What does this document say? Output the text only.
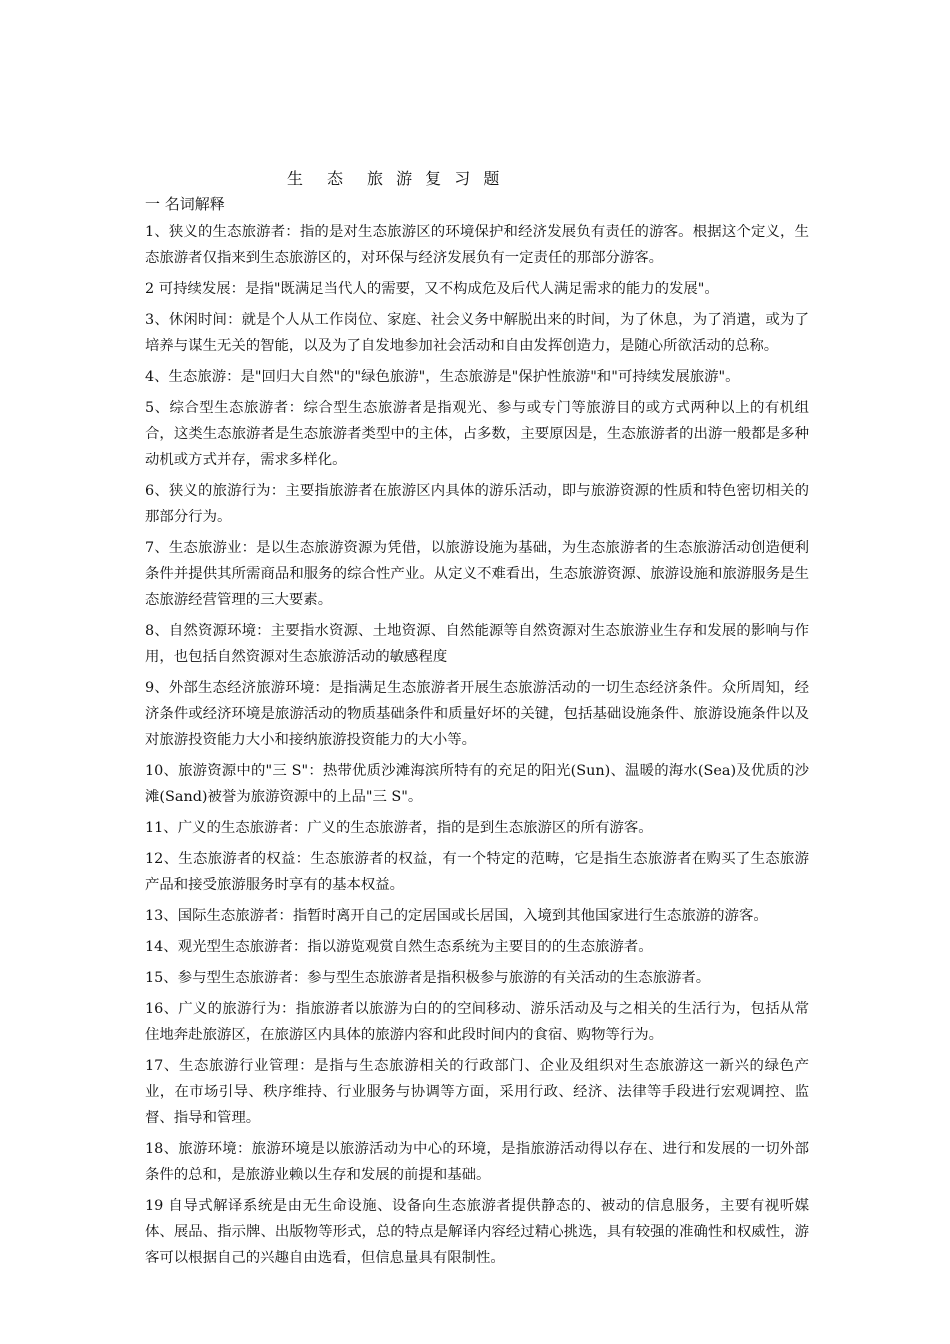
生　态　旅 游 复 习 题
一 名词解释

1、狭义的生态旅游者：指的是对生态旅游区的环境保护和经济发展负有责任的游客。根据这个定义，生态旅游者仅指来到生态旅游区的，对环保与经济发展负有一定责任的那部分游客。

2 可持续发展：是指"既满足当代人的需要，又不构成危及后代人满足需求的能力的发展"。

3、休闲时间：就是个人从工作岗位、家庭、社会义务中解脱出来的时间，为了休息，为了消遣，或为了培养与谋生无关的智能，以及为了自发地参加社会活动和自由发挥创造力，是随心所欲活动的总称。

4、生态旅游：是"回归大自然"的"绿色旅游"，生态旅游是"保护性旅游"和"可持续发展旅游"。

5、综合型生态旅游者：综合型生态旅游者是指观光、参与或专门等旅游目的或方式两种以上的有机组合，这类生态旅游者是生态旅游者类型中的主体，占多数，主要原因是，生态旅游者的出游一般都是多种动机或方式并存，需求多样化。

6、狭义的旅游行为：主要指旅游者在旅游区内具体的游乐活动，即与旅游资源的性质和特色密切相关的那部分行为。

7、生态旅游业：是以生态旅游资源为凭借，以旅游设施为基础，为生态旅游者的生态旅游活动创造便利条件并提供其所需商品和服务的综合性产业。从定义不难看出，生态旅游资源、旅游设施和旅游服务是生态旅游经营管理的三大要素。

8、自然资源环境：主要指水资源、土地资源、自然能源等自然资源对生态旅游业生存和发展的影响与作用，也包括自然资源对生态旅游活动的敏感程度

9、外部生态经济旅游环境：是指满足生态旅游者开展生态旅游活动的一切生态经济条件。众所周知，经济条件或经济环境是旅游活动的物质基础条件和质量好坏的关键，包括基础设施条件、旅游设施条件以及对旅游投资能力大小和接纳旅游投资能力的大小等。

10、旅游资源中的"三 S"：热带优质沙滩海滨所特有的充足的阳光(Sun)、温暖的海水(Sea)及优质的沙滩(Sand)被誉为旅游资源中的上品"三 S"。

11、广义的生态旅游者：广义的生态旅游者，指的是到生态旅游区的所有游客。

12、生态旅游者的权益：生态旅游者的权益，有一个特定的范畴，它是指生态旅游者在购买了生态旅游产品和接受旅游服务时享有的基本权益。

13、国际生态旅游者：指暂时离开自己的定居国或长居国，入境到其他国家进行生态旅游的游客。

14、观光型生态旅游者：指以游览观赏自然生态系统为主要目的的生态旅游者。

15、参与型生态旅游者：参与型生态旅游者是指积极参与旅游的有关活动的生态旅游者。

16、广义的旅游行为：指旅游者以旅游为白的的空间移动、游乐活动及与之相关的生活行为，包括从常住地奔赴旅游区，在旅游区内具体的旅游内容和此段时间内的食宿、购物等行为。

17、生态旅游行业管理：是指与生态旅游相关的行政部门、企业及组织对生态旅游这一新兴的绿色产业，在市场引导、秩序维持、行业服务与协调等方面，采用行政、经济、法律等手段进行宏观调控、监督、指导和管理。

18、旅游环境：旅游环境是以旅游活动为中心的环境，是指旅游活动得以存在、进行和发展的一切外部条件的总和，是旅游业赖以生存和发展的前提和基础。

19 自导式解译系统是由无生命设施、设备向生态旅游者提供静态的、被动的信息服务，主要有视听媒体、展品、指示牌、出版物等形式，总的特点是解译内容经过精心挑选，具有较强的准确性和权威性，游客可以根据自己的兴趣自由选看，但信息量具有限制性。
